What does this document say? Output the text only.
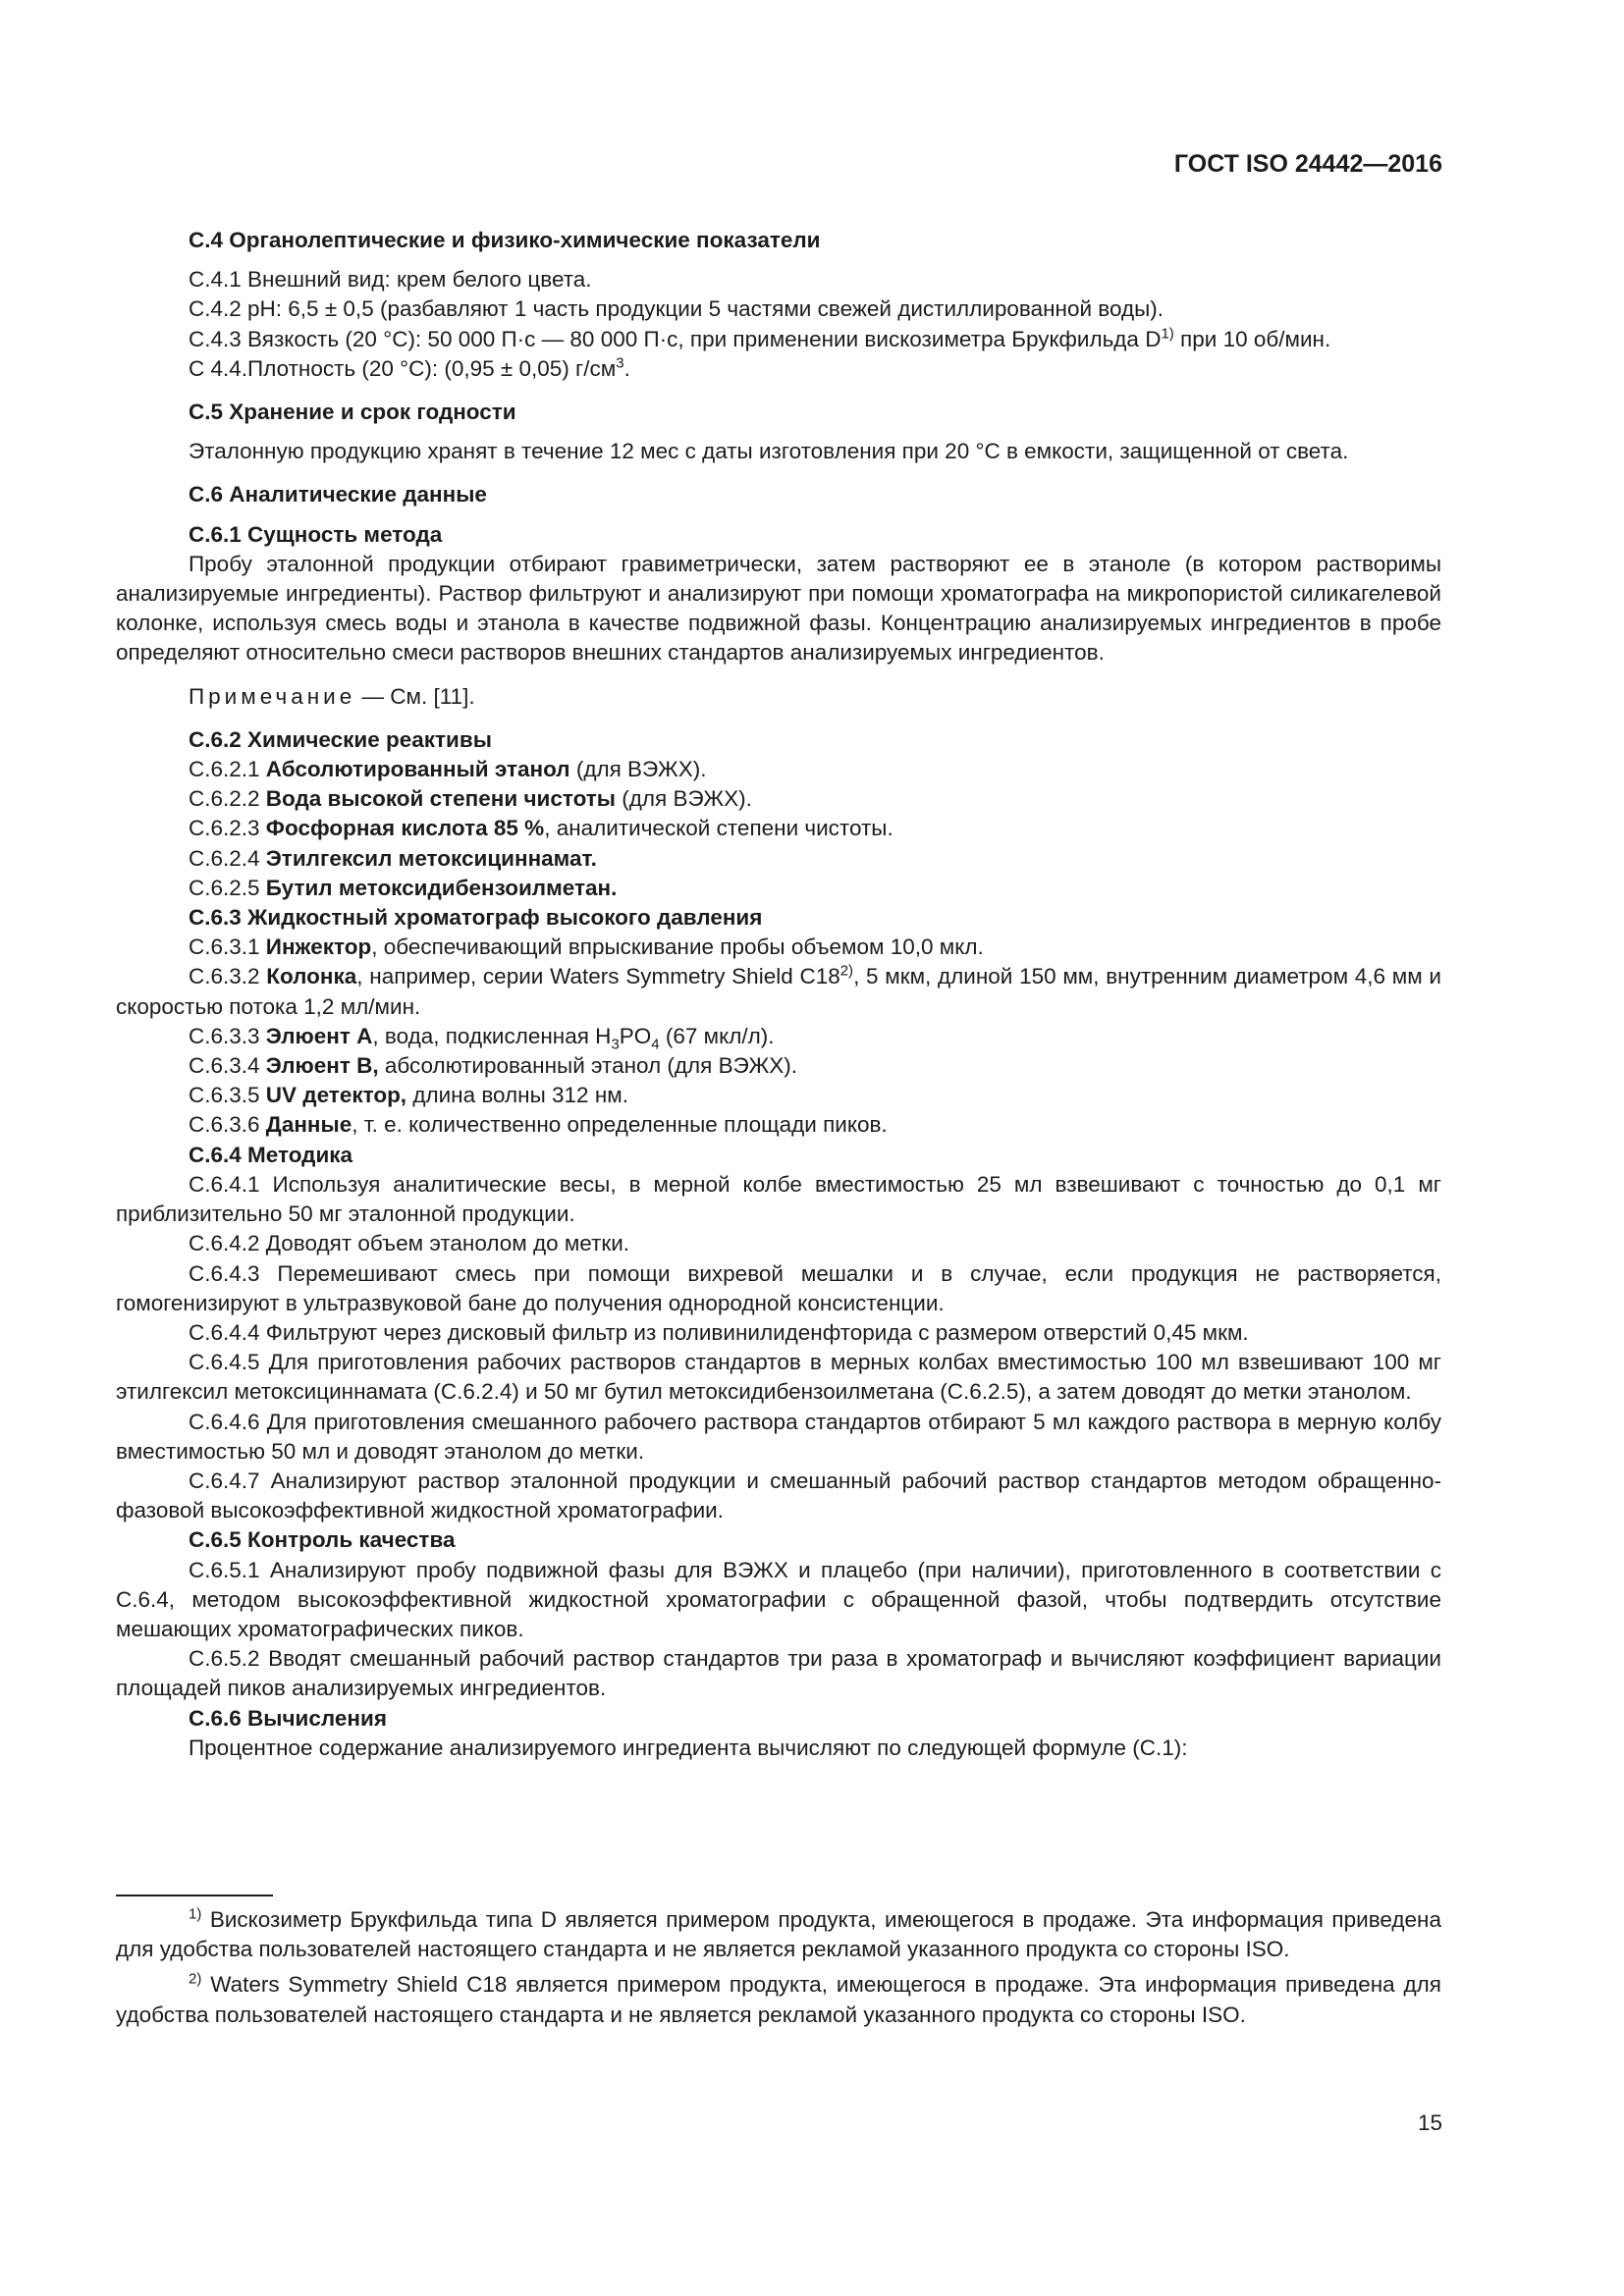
ГОСТ ISO 24442—2016

С.4 Органолептические и физико-химические показатели

С.4.1 Внешний вид: крем белого цвета.

С.4.2 pH: 6,5 ± 0,5 (разбавляют 1 часть продукции 5 частями свежей дистиллированной воды).

С.4.3 Вязкость (20 °С): 50 000 П·с — 80 000 П·с, при применении вискозиметра Брукфильда $D^{1)}$ при 10 об/мин.

С 4.4.Плотность (20 °С): (0,95 ± 0,05) $г/см^3$.

С.5 Хранение и срок годности

Эталонную продукцию хранят в течение 12 мес с даты изготовления при 20 °С в емкости, защищенной от света.

С.6 Аналитические данные

С.6.1 Сущность метода

Пробу эталонной продукции отбирают гравиметрически, затем растворяют ее в этаноле (в котором растворимы анализируемые ингредиенты). Раствор фильтруют и анализируют при помощи хроматографа на микропористой силикагелевой колонке, используя смесь воды и этанола в качестве подвижной фазы. Концентрацию анализируемых ингредиентов в пробе определяют относительно смеси растворов внешних стандартов анализируемых ингредиентов.

Примечание — См. [11].

С.6.2 Химические реактивы

С.6.2.1 Абсолютированный этанол (для ВЭЖХ).

С.6.2.2 Вода высокой степени чистоты (для ВЭЖХ).

С.6.2.3 Фосфорная кислота 85 %, аналитической степени чистоты.

С.6.2.4 Этилгексил метоксициннамат.

С.6.2.5 Бутил метоксидибензоилметан.

С.6.3 Жидкостный хроматограф высокого давления

С.6.3.1 Инжектор, обеспечивающий впрыскивание пробы объемом 10,0 мкл.

С.6.3.2 Колонка, например, серии Waters Symmetry Shield C18$^{2)}$, 5 мкм, длиной 150 мм, внутренним диаметром 4,6 мм и скоростью потока 1,2 мл/мин.

С.6.3.3 Элюент А, вода, подкисленная $H_3PO_4$ (67 мкл/л).

С.6.3.4 Элюент В, абсолютированный этанол (для ВЭЖХ).

С.6.3.5 UV детектор, длина волны 312 нм.

С.6.3.6 Данные, т. е. количественно определенные площади пиков.

С.6.4 Методика

С.6.4.1 Используя аналитические весы, в мерной колбе вместимостью 25 мл взвешивают с точностью до 0,1 мг приблизительно 50 мг эталонной продукции.

С.6.4.2 Доводят объем этанолом до метки.

С.6.4.3 Перемешивают смесь при помощи вихревой мешалки и в случае, если продукция не растворяется, гомогенизируют в ультразвуковой бане до получения однородной консистенции.

С.6.4.4 Фильтруют через дисковый фильтр из поливинилиденфторида с размером отверстий 0,45 мкм.

С.6.4.5 Для приготовления рабочих растворов стандартов в мерных колбах вместимостью 100 мл взвешивают 100 мг этилгексил метоксициннамата (С.6.2.4) и 50 мг бутил метоксидибензоилметана (С.6.2.5), а затем доводят до метки этанолом.

С.6.4.6 Для приготовления смешанного рабочего раствора стандартов отбирают 5 мл каждого раствора в мерную колбу вместимостью 50 мл и доводят этанолом до метки.

С.6.4.7 Анализируют раствор эталонной продукции и смешанный рабочий раствор стандартов методом обращенно-фазовой высокоэффективной жидкостной хроматографии.

С.6.5 Контроль качества

С.6.5.1 Анализируют пробу подвижной фазы для ВЭЖХ и плацебо (при наличии), приготовленного в соответствии с С.6.4, методом высокоэффективной жидкостной хроматографии с обращенной фазой, чтобы подтвердить отсутствие мешающих хроматографических пиков.

С.6.5.2 Вводят смешанный рабочий раствор стандартов три раза в хроматограф и вычисляют коэффициент вариации площадей пиков анализируемых ингредиентов.

С.6.6 Вычисления

Процентное содержание анализируемого ингредиента вычисляют по следующей формуле (С.1):

$^{1)}$ Вискозиметр Брукфильда типа D является примером продукта, имеющегося в продаже. Эта информация приведена для удобства пользователей настоящего стандарта и не является рекламой указанного продукта со стороны ISO.

$^{2)}$ Waters Symmetry Shield C18 является примером продукта, имеющегося в продаже. Эта информация приведена для удобства пользователей настоящего стандарта и не является рекламой указанного продукта со стороны ISO.

15
